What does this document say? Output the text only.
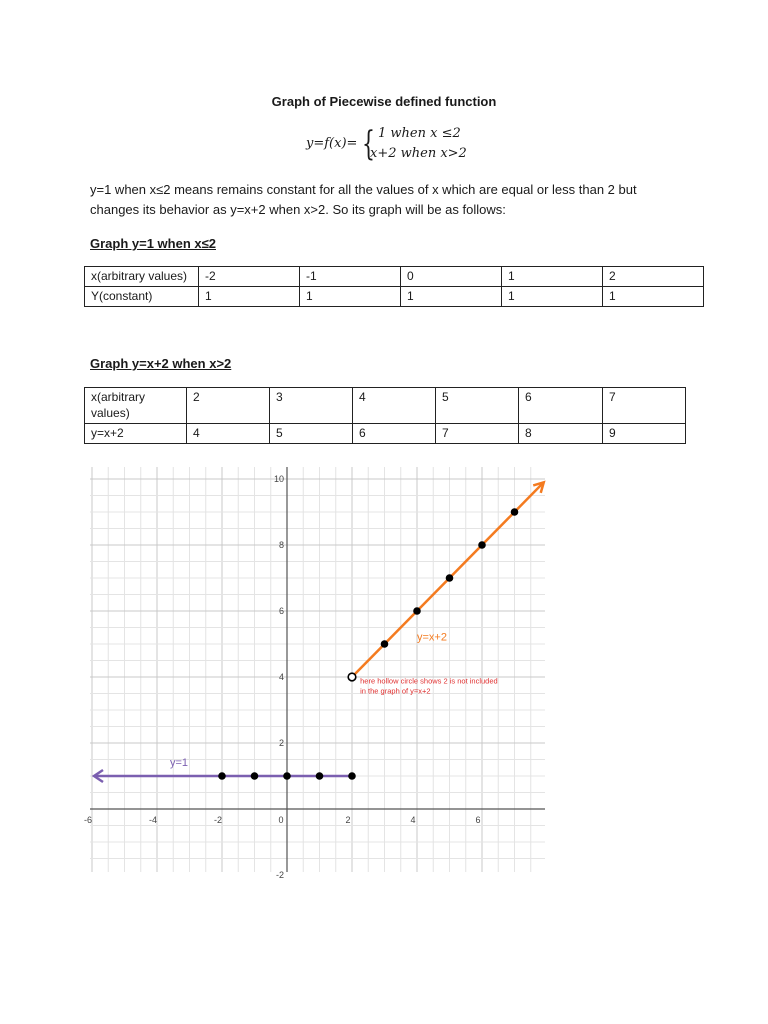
Graph of Piecewise defined function
y=f(x)= { 1 when x ≤2
x+2 when x>2
y=1 when x≤2 means remains constant for all the values of x which are equal or less than 2 but changes its behavior as y=x+2 when x>2. So its graph will be as follows:
Graph y=1 when x≤2
x(arbitrary values)	-2	-1	0	1	2
Y(constant)	1	1	1	1	1
Graph y=x+2 when x>2
x(arbitrary values)	2	3	4	5	6	7
y=x+2	4	5	6	7	8	9
-6	-4	-2	0	2	4	6
10
8
6
4
2
-2
y=1
y=x+2
here hollow circle shows 2 is not included
in the graph of y=x+2
